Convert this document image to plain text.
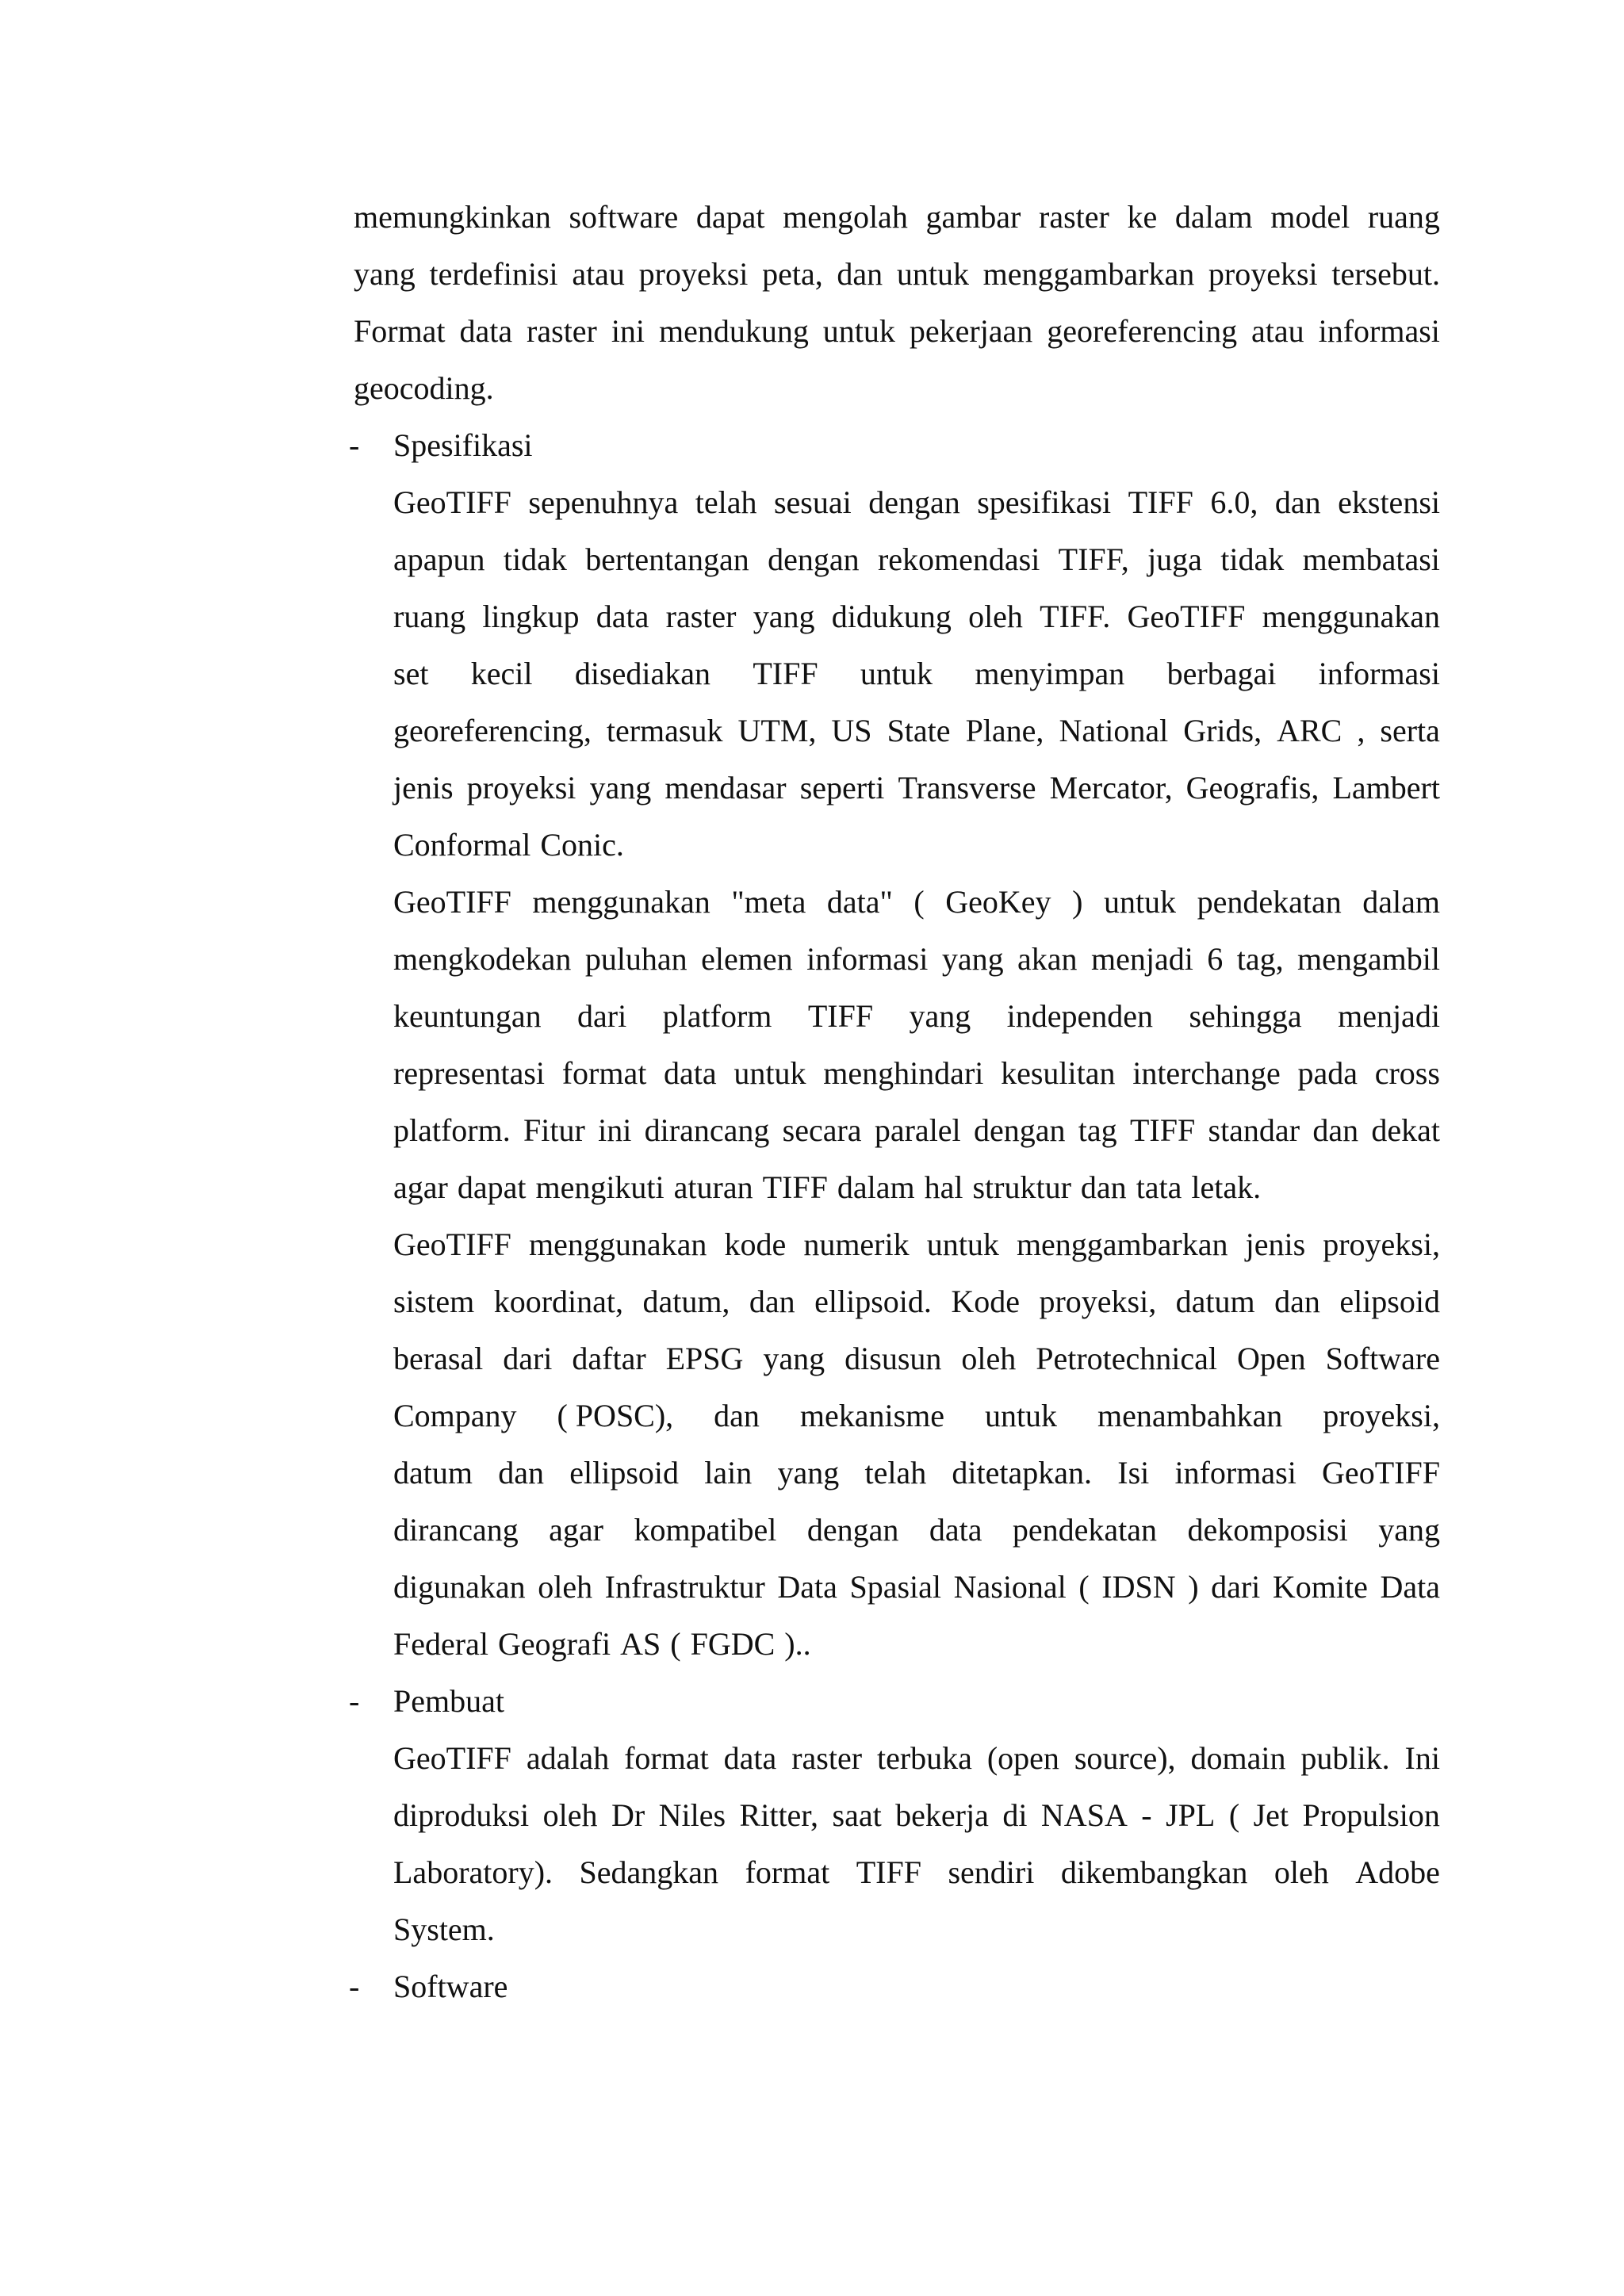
memungkinkan software dapat mengolah gambar raster ke dalam model ruang
yang terdefinisi atau proyeksi peta, dan untuk menggambarkan proyeksi tersebut.
Format data raster ini mendukung untuk pekerjaan georeferencing atau informasi
geocoding.
- Spesifikasi
GeoTIFF sepenuhnya telah sesuai dengan spesifikasi TIFF 6.0, dan ekstensi
apapun tidak bertentangan dengan rekomendasi TIFF, juga tidak membatasi
ruang lingkup data raster yang didukung oleh TIFF. GeoTIFF menggunakan
set kecil disediakan TIFF untuk menyimpan berbagai informasi
georeferencing, termasuk UTM, US State Plane, National Grids, ARC , serta
jenis proyeksi yang mendasar seperti Transverse Mercator, Geografis, Lambert
Conformal Conic.
GeoTIFF menggunakan "meta data" ( GeoKey ) untuk pendekatan dalam
mengkodekan puluhan elemen informasi yang akan menjadi 6 tag, mengambil
keuntungan dari platform TIFF yang independen sehingga menjadi
representasi format data untuk menghindari kesulitan interchange pada cross
platform. Fitur ini dirancang secara paralel dengan tag TIFF standar dan dekat
agar dapat mengikuti aturan TIFF dalam hal struktur dan tata letak.
GeoTIFF menggunakan kode numerik untuk menggambarkan jenis proyeksi,
sistem koordinat, datum, dan ellipsoid. Kode proyeksi, datum dan elipsoid
berasal dari daftar EPSG yang disusun oleh Petrotechnical Open Software
Company ( POSC), dan mekanisme untuk menambahkan proyeksi,
datum dan ellipsoid lain yang telah ditetapkan. Isi informasi GeoTIFF
dirancang agar kompatibel dengan data pendekatan dekomposisi yang
digunakan oleh Infrastruktur Data Spasial Nasional ( IDSN ) dari Komite Data
Federal Geografi AS ( FGDC )..
- Pembuat
GeoTIFF adalah format data raster terbuka (open source), domain publik. Ini
diproduksi oleh Dr Niles Ritter, saat bekerja di NASA - JPL ( Jet Propulsion
Laboratory). Sedangkan format TIFF sendiri dikembangkan oleh Adobe
System.
- Software
